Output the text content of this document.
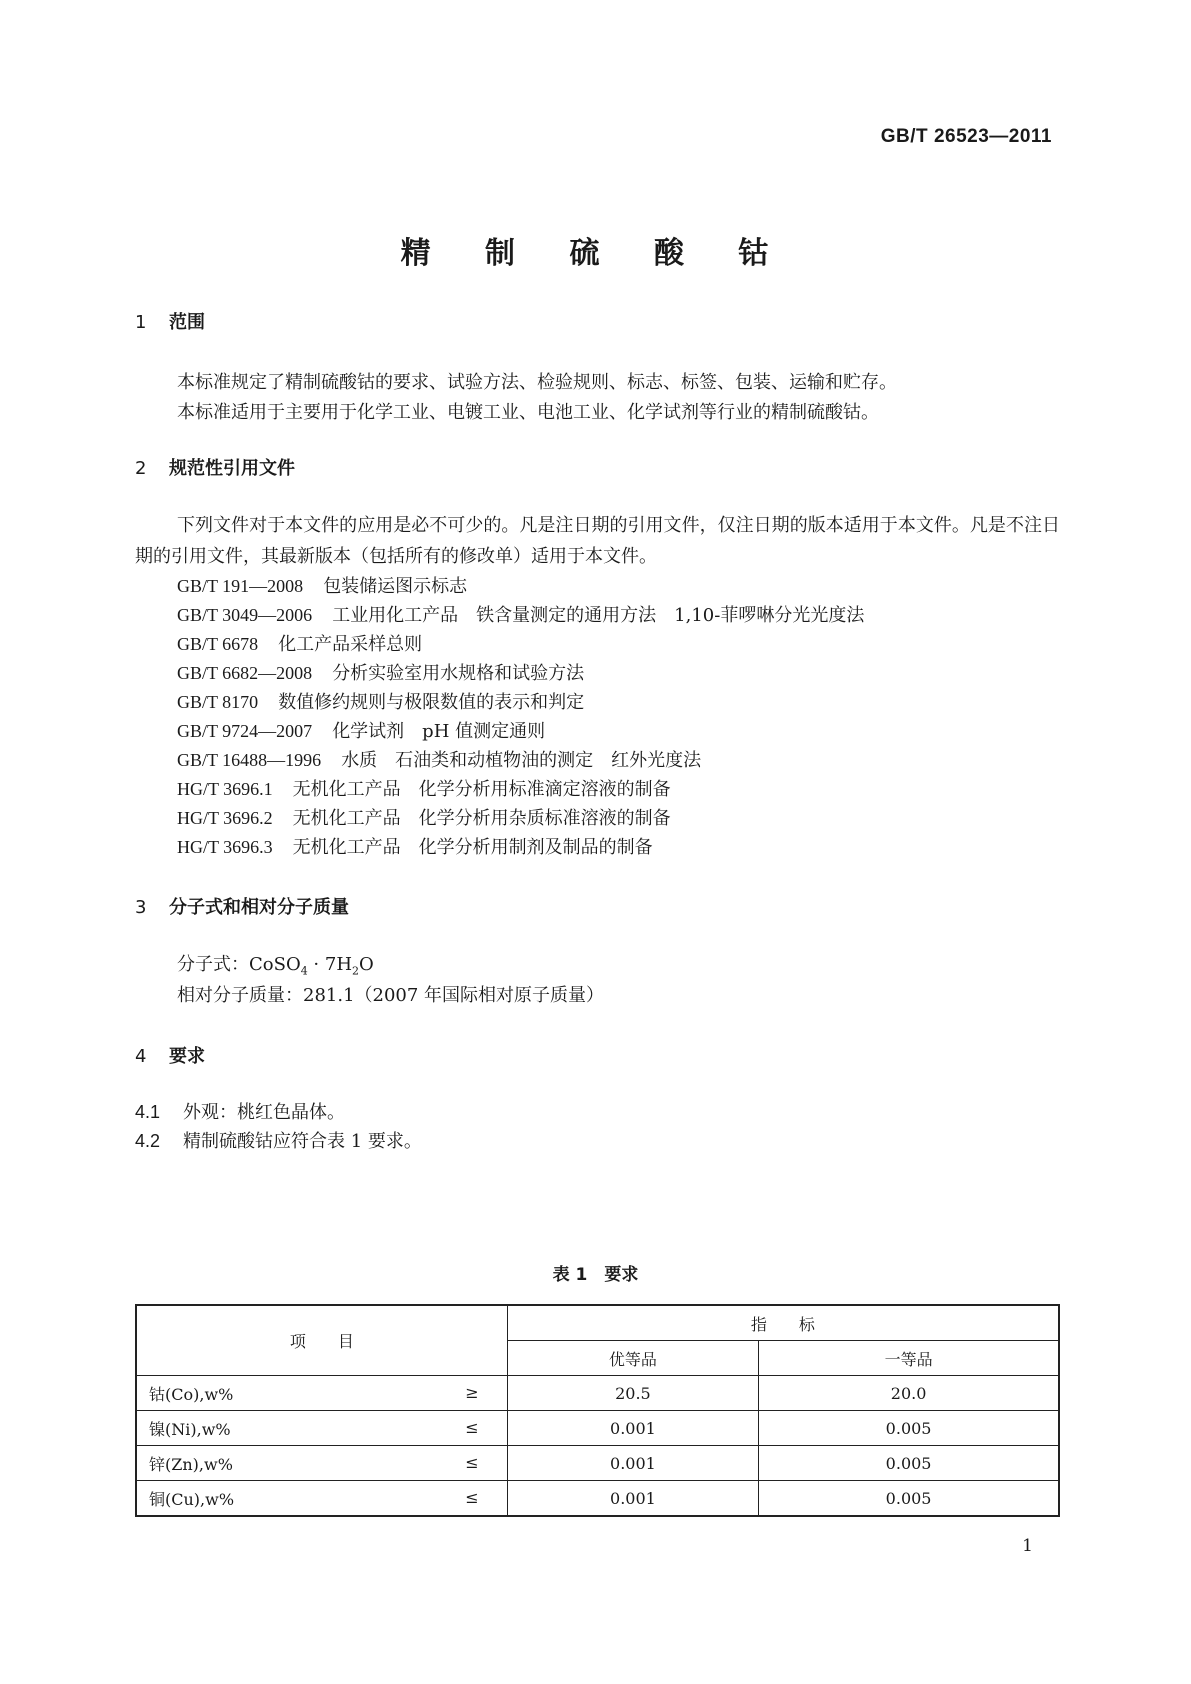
GB/T 26523—2011
精 制 硫 酸 钴
1 范围
本标准规定了精制硫酸钴的要求、试验方法、检验规则、标志、标签、包装、运输和贮存。
本标准适用于主要用于化学工业、电镀工业、电池工业、化学试剂等行业的精制硫酸钴。
2 规范性引用文件
下列文件对于本文件的应用是必不可少的。凡是注日期的引用文件，仅注日期的版本适用于本文件。凡是不注日期的引用文件，其最新版本（包括所有的修改单）适用于本文件。
GB/T 191—2008 包装储运图示标志
GB/T 3049—2006 工业用化工产品　铁含量测定的通用方法　1,10-菲啰啉分光光度法
GB/T 6678 化工产品采样总则
GB/T 6682—2008 分析实验室用水规格和试验方法
GB/T 8170 数值修约规则与极限数值的表示和判定
GB/T 9724—2007 化学试剂　pH 值测定通则
GB/T 16488—1996 水质　石油类和动植物油的测定　红外光度法
HG/T 3696.1 无机化工产品　化学分析用标准滴定溶液的制备
HG/T 3696.2 无机化工产品　化学分析用杂质标准溶液的制备
HG/T 3696.3 无机化工产品　化学分析用制剂及制品的制备
3 分子式和相对分子质量
分子式：CoSO$_4$ · $7H_2O$
相对分子质量：281.1（2007 年国际相对原子质量）
4 要求
4.1 外观：桃红色晶体。
4.2 精制硫酸钴应符合表 1 要求。
表 1　要求
项　　目	指　　标	
	优等品	一等品
钴(Co),w% ≥	20.5	20.0
镍(Ni),w% ≤	0.001	0.005
锌(Zn),w% ≤	0.001	0.005
铜(Cu),w% ≤	0.001	0.005
1
